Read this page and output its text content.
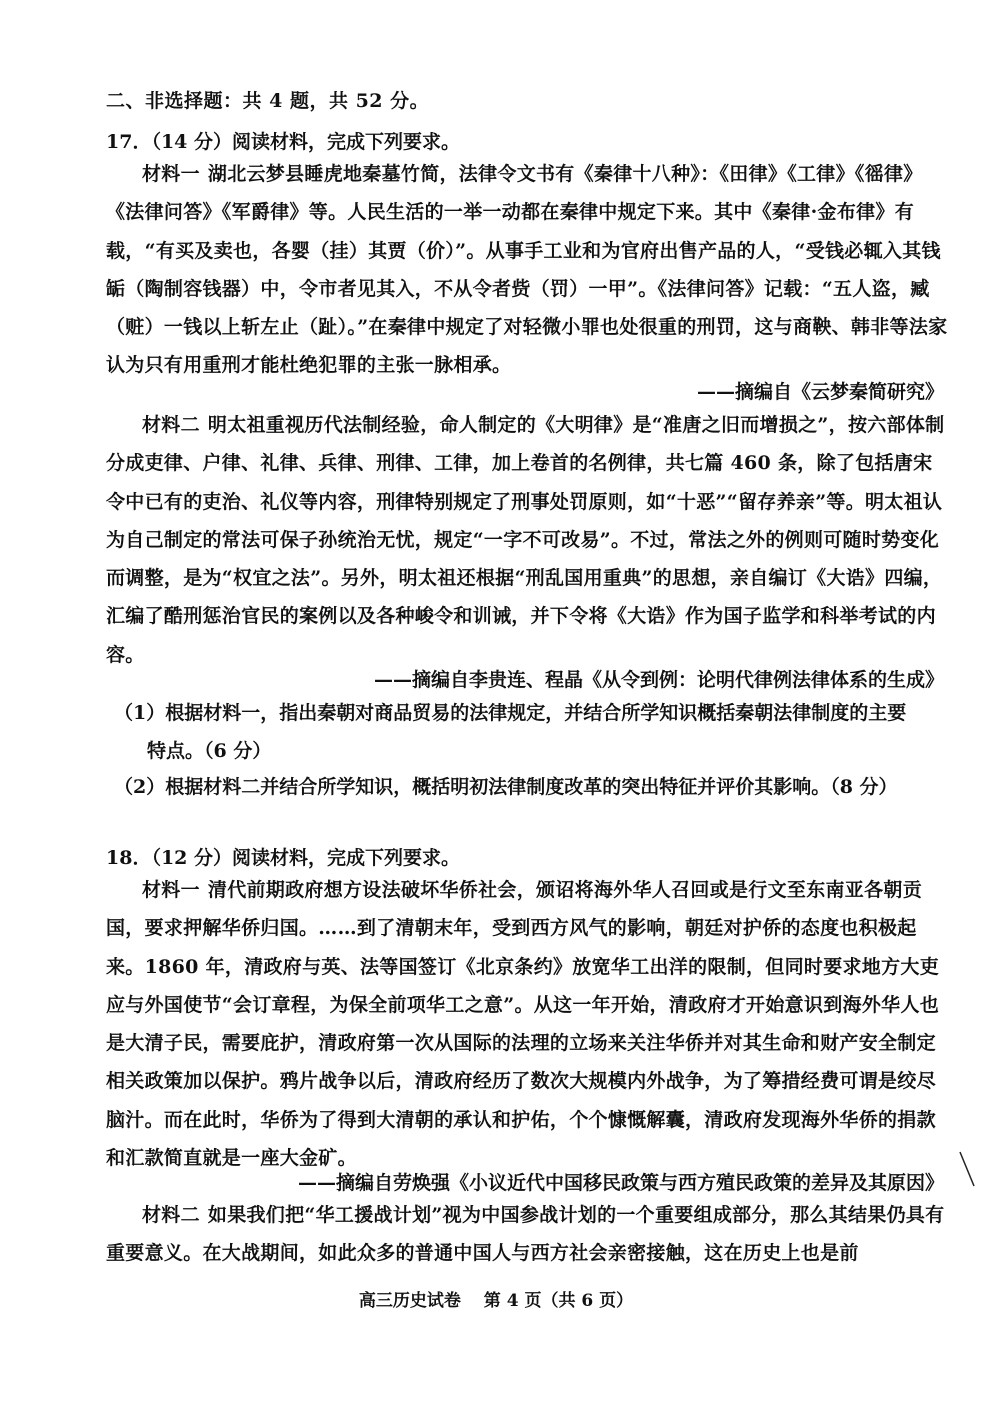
二、非选择题：共 4 题，共 52 分。
17．（14 分）阅读材料，完成下列要求。
材料一 湖北云梦县睡虎地秦墓竹简，法律令文书有《秦律十八种》：《田律》《工律》《徭律》《法律问答》《军爵律》等。人民生活的一举一动都在秦律中规定下来。其中《秦律·金布律》有载，“有买及卖也，各婴（挂）其贾（价）”。从事手工业和为官府出售产品的人，“受钱必辄入其钱缿（陶制容钱器）中，令市者见其入，不从令者赀（罚）一甲”。《法律问答》记载：“五人盗，臧（赃）一钱以上斩左止（趾）。”在秦律中规定了对轻微小罪也处很重的刑罚，这与商鞅、韩非等法家认为只有用重刑才能杜绝犯罪的主张一脉相承。
——摘编自《云梦秦简研究》
材料二 明太祖重视历代法制经验，命人制定的《大明律》是“准唐之旧而增损之”，按六部体制分成吏律、户律、礼律、兵律、刑律、工律，加上卷首的名例律，共七篇 460 条，除了包括唐宋令中已有的吏治、礼仪等内容，刑律特别规定了刑事处罚原则，如“十恶”“留存养亲”等。明太祖认为自己制定的常法可保子孙统治无忧，规定“一字不可改易”。不过，常法之外的例则可随时势变化而调整，是为“权宜之法”。另外，明太祖还根据“刑乱国用重典”的思想，亲自编订《大诰》四编，汇编了酷刑惩治官民的案例以及各种峻令和训诫，并下令将《大诰》作为国子监学和科举考试的内容。
——摘编自李贵连、程晶《从令到例：论明代律例法律体系的生成》
（1）根据材料一，指出秦朝对商品贸易的法律规定，并结合所学知识概括秦朝法律制度的主要
特点。（6 分）
（2）根据材料二并结合所学知识，概括明初法律制度改革的突出特征并评价其影响。（8 分）
18．（12 分）阅读材料，完成下列要求。
材料一 清代前期政府想方设法破坏华侨社会，颁诏将海外华人召回或是行文至东南亚各朝贡国，要求押解华侨归国。……到了清朝末年，受到西方风气的影响，朝廷对护侨的态度也积极起来。1860 年，清政府与英、法等国签订《北京条约》放宽华工出洋的限制，但同时要求地方大吏应与外国使节“会订章程，为保全前项华工之意”。从这一年开始，清政府才开始意识到海外华人也是大清子民，需要庇护，清政府第一次从国际的法理的立场来关注华侨并对其生命和财产安全制定相关政策加以保护。鸦片战争以后，清政府经历了数次大规模内外战争，为了筹措经费可谓是绞尽脑汁。而在此时，华侨为了得到大清朝的承认和护佑，个个慷慨解囊，清政府发现海外华侨的捐款和汇款简直就是一座大金矿。
——摘编自劳焕强《小议近代中国移民政策与西方殖民政策的差异及其原因》
材料二 如果我们把“华工援战计划”视为中国参战计划的一个重要组成部分，那么其结果仍具有重要意义。在大战期间，如此众多的普通中国人与西方社会亲密接触，这在历史上也是前
高三历史试卷　 第 4 页（共 6 页）
